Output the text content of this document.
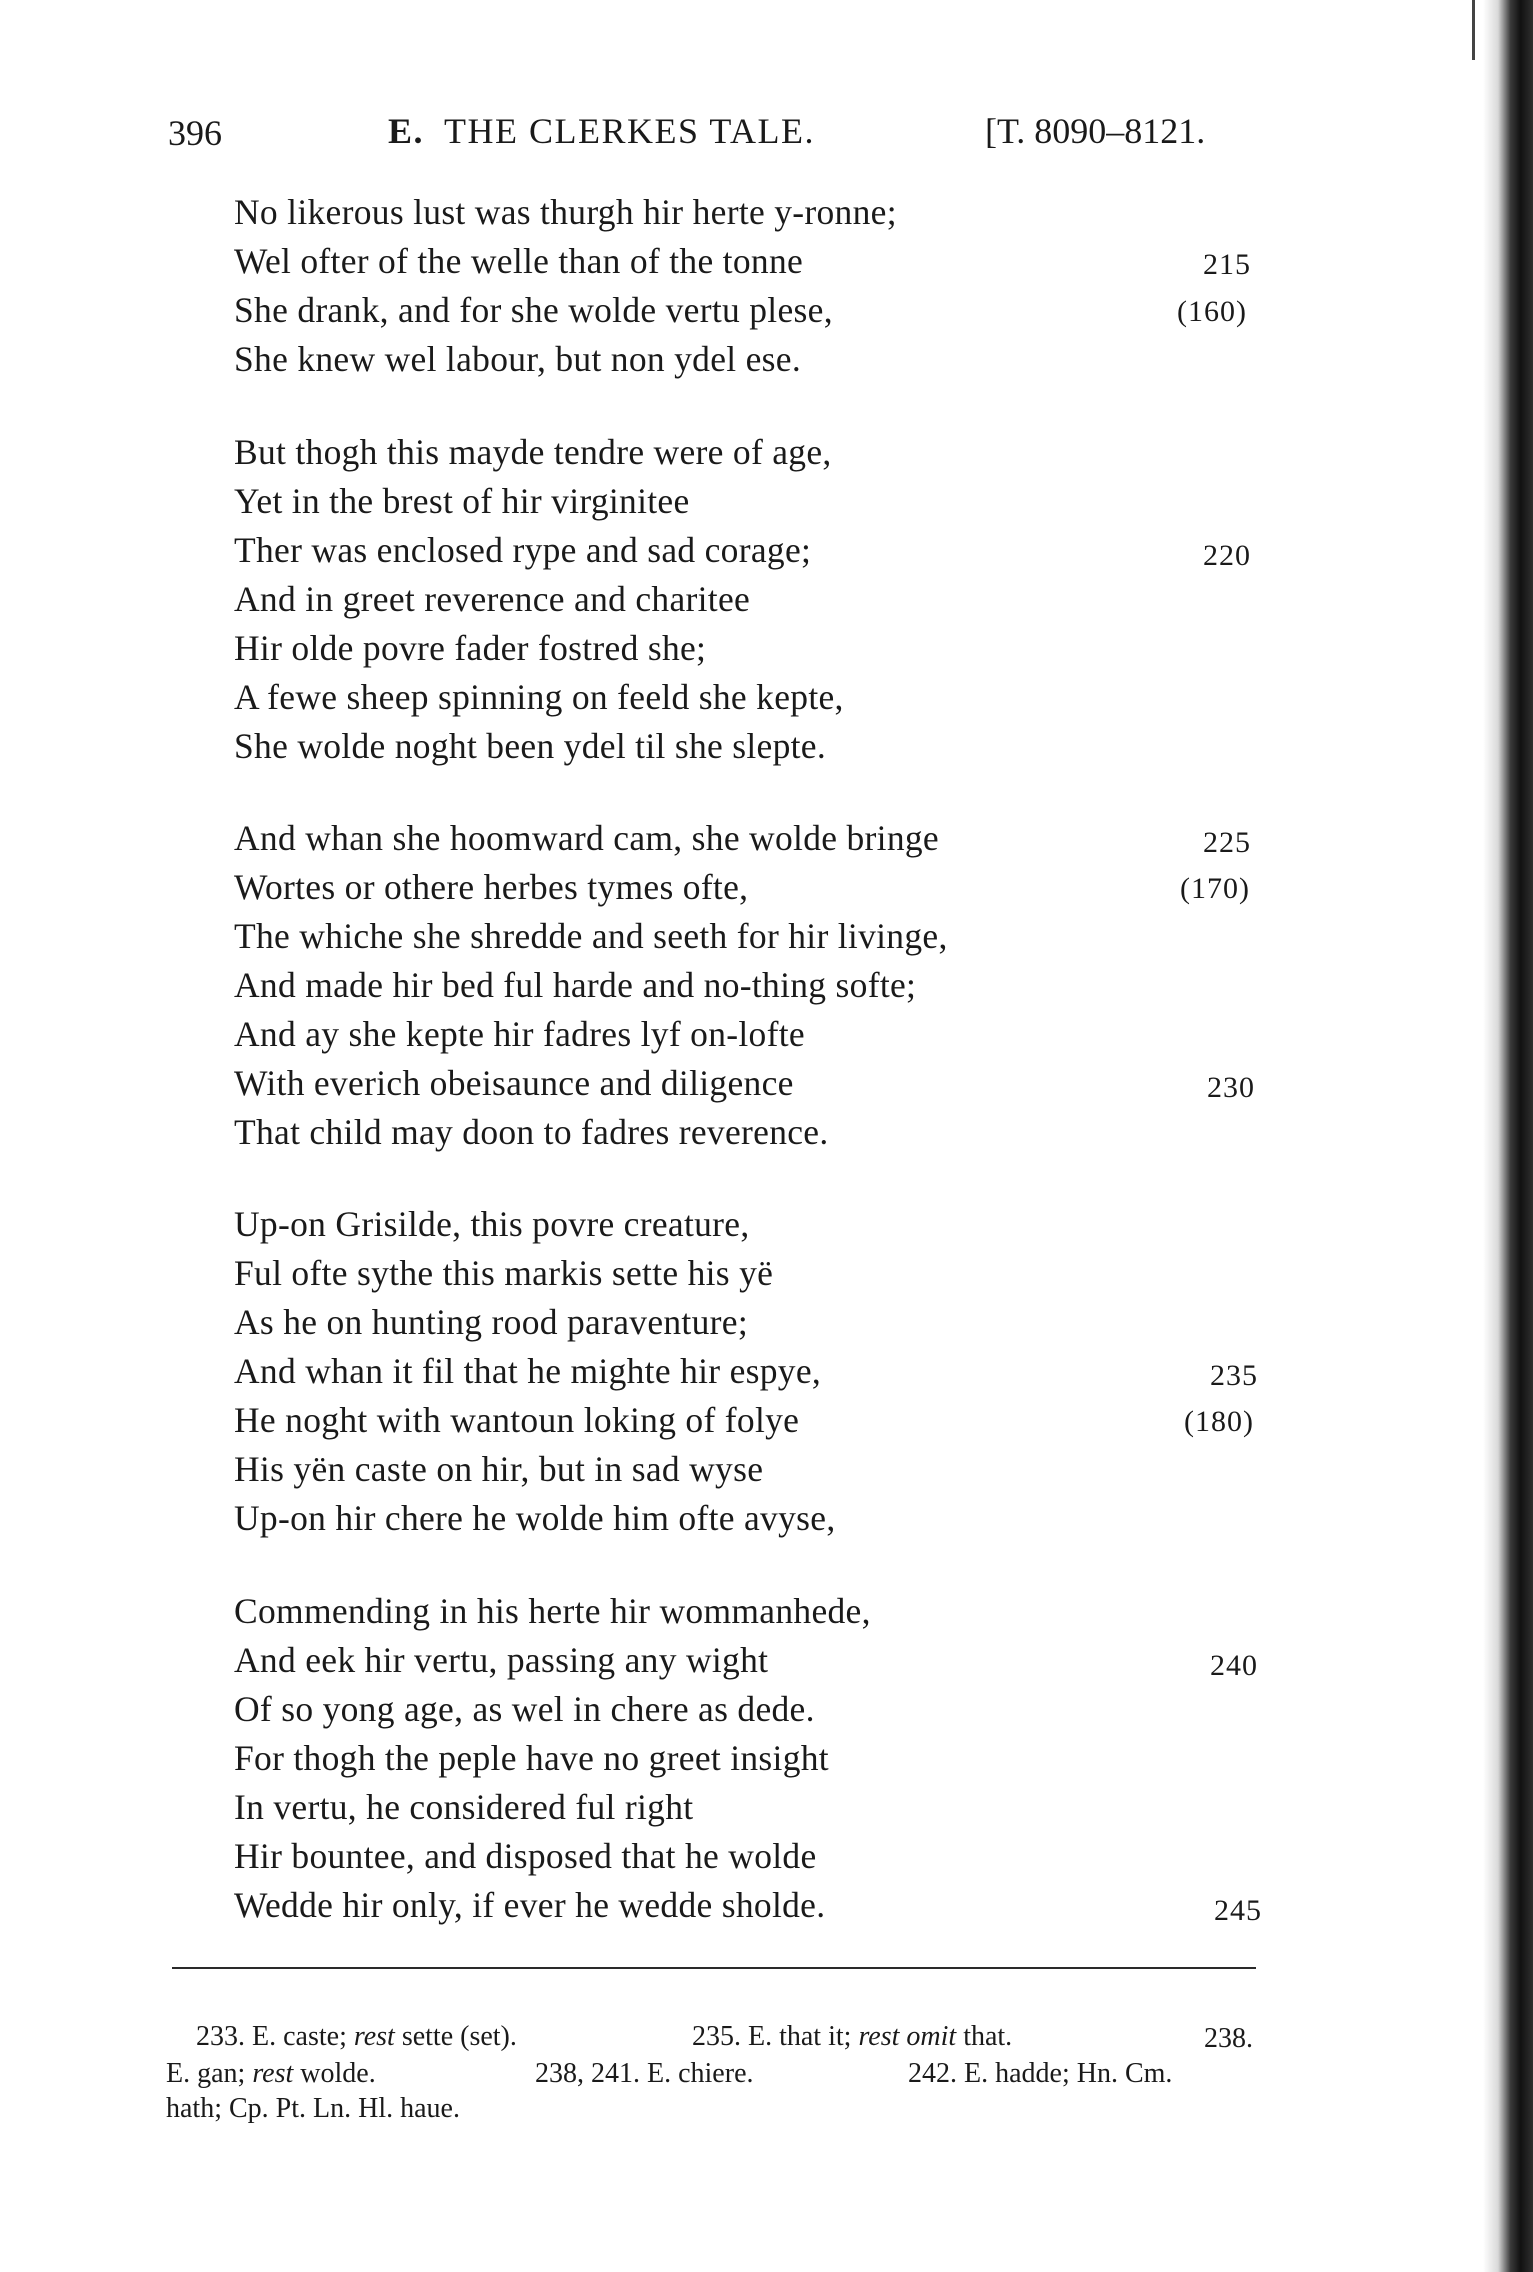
396	E. THE CLERKES TALE.	[T. 8090–8121.
No likerous lust was thurgh hir herte y-ronne;
Wel ofter of the welle than of the tonne
She drank, and for she wolde vertu plese,
She knew wel labour, but non ydel ese.
But thogh this mayde tendre were of age,
Yet in the brest of hir virginitee
Ther was enclosed rype and sad corage;
And in greet reverence and charitee
Hir olde povre fader fostred she;
A fewe sheep spinning on feeld she kepte,
She wolde noght been ydel til she slepte.
And whan she hoomward cam, she wolde bringe
Wortes or othere herbes tymes ofte,
The whiche she shredde and seeth for hir livinge,
And made hir bed ful harde and no-thing softe;
And ay she kepte hir fadres lyf on-lofte
With everich obeisaunce and diligence
That child may doon to fadres reverence.
Up-on Grisilde, this povre creature,
Ful ofte sythe this markis sette his yë
As he on hunting rood paraventure;
And whan it fil that he mighte hir espye,
He noght with wantoun loking of folye
His yën caste on hir, but in sad wyse
Up-on hir chere he wolde him ofte avyse,
Commending in his herte hir wommanhede,
And eek hir vertu, passing any wight
Of so yong age, as wel in chere as dede.
For thogh the peple have no greet insight
In vertu, he considered ful right
Hir bountee, and disposed that he wolde
Wedde hir only, if ever he wedde sholde.
215
(160)
220
225
(170)
230
235
(180)
240
245
233. E. caste; rest sette (set).	235. E. that it; rest omit that.	238.
E. gan; rest wolde.	238, 241. E. chiere.	242. E. hadde; Hn. Cm.
hath; Cp. Pt. Ln. Hl. haue.
